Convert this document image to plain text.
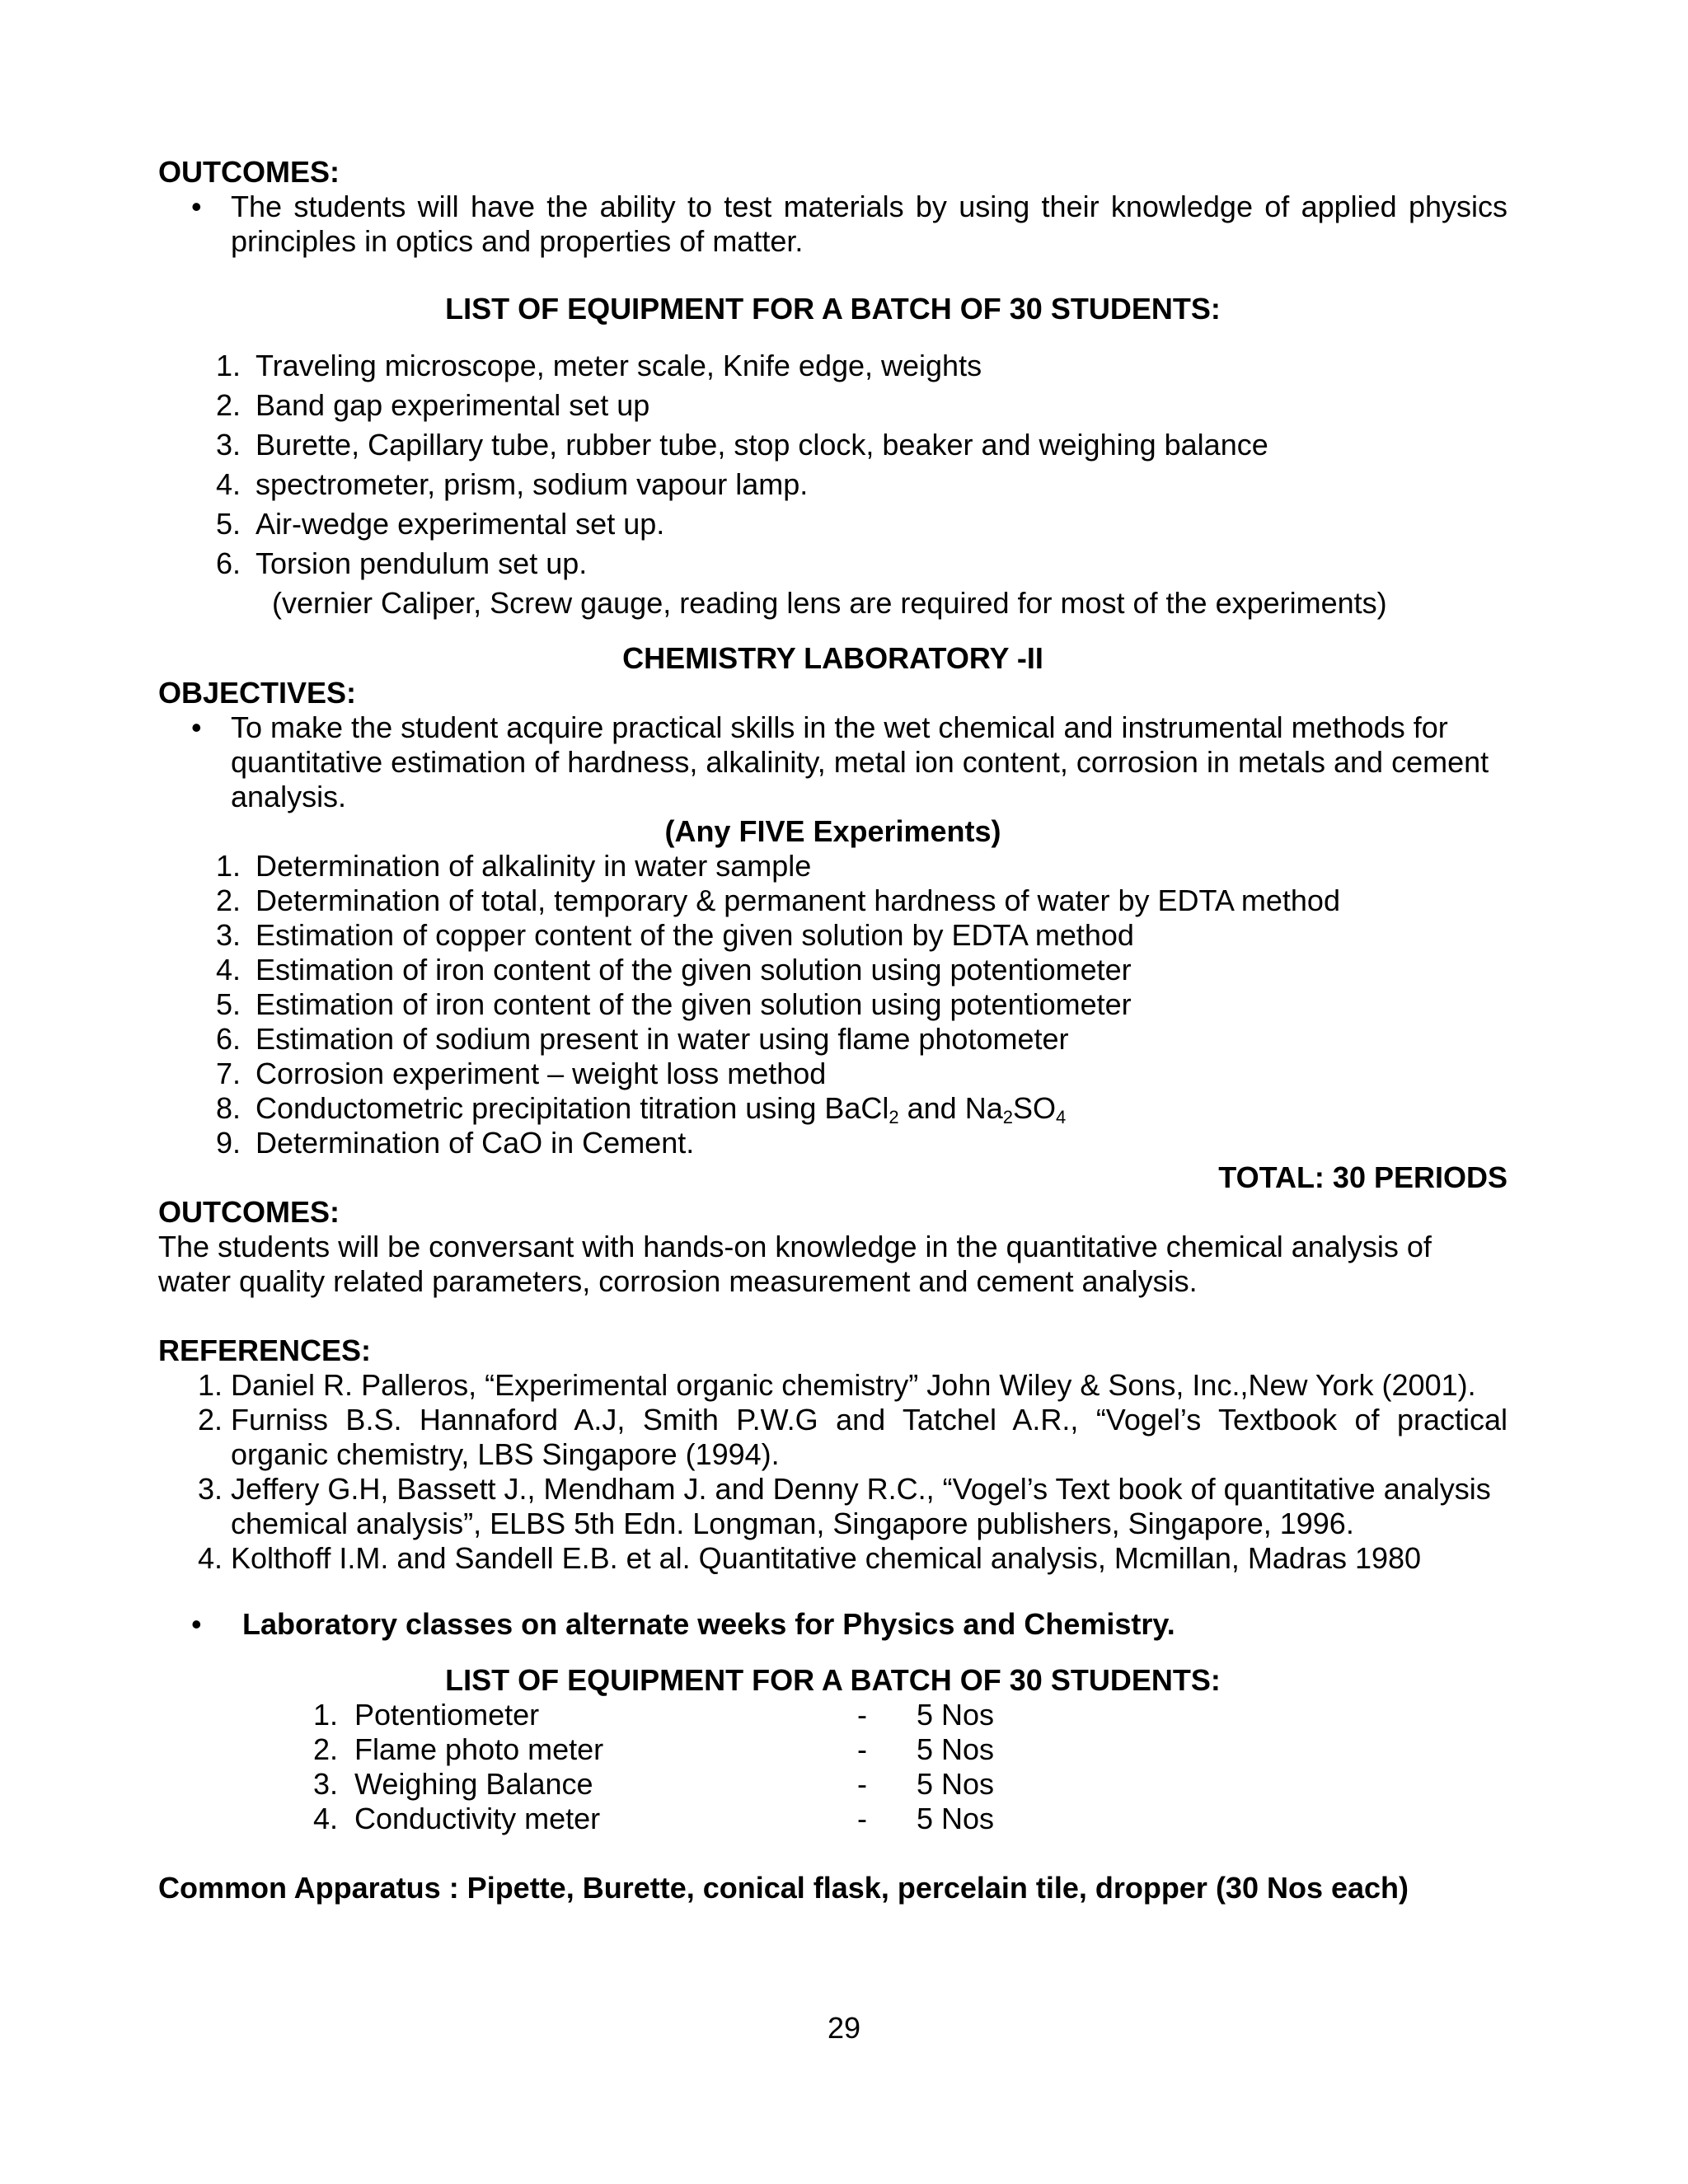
OUTCOMES:

• The students will have the ability to test materials by using their knowledge of applied physics

principles in optics and properties of matter.

LIST OF EQUIPMENT FOR A BATCH OF 30 STUDENTS:

1. Traveling microscope, meter scale, Knife edge, weights
2. Band gap experimental set up
3. Burette, Capillary tube, rubber tube, stop clock, beaker and weighing balance
4. spectrometer, prism, sodium vapour lamp.
5. Air-wedge experimental set up.
6. Torsion pendulum set up.

(vernier Caliper, Screw gauge, reading lens are required for most of the experiments)

CHEMISTRY LABORATORY -II

OBJECTIVES:

• To make the student acquire practical skills in the wet chemical and instrumental methods for

quantitative estimation of hardness, alkalinity, metal ion content, corrosion in metals and cement

analysis.

(Any FIVE Experiments)

1. Determination of alkalinity in water sample
2. Determination of total, temporary & permanent hardness of water by EDTA method
3. Estimation of copper content of the given solution by EDTA method
4. Estimation of iron content of the given solution using potentiometer
5. Estimation of iron content of the given solution using potentiometer
6. Estimation of sodium present in water using flame photometer
7. Corrosion experiment – weight loss method
8. Conductometric precipitation titration using BaCl$_2$ and $Na_2SO_4$
9. Determination of CaO in Cement.

TOTAL: 30 PERIODS

OUTCOMES:

The students will be conversant with hands-on knowledge in the quantitative chemical analysis of

water quality related parameters, corrosion measurement and cement analysis.

REFERENCES:

1. Daniel R. Palleros, “Experimental organic chemistry” John Wiley & Sons, Inc.,New York (2001).

2. Furniss B.S. Hannaford A.J, Smith P.W.G and Tatchel A.R., “Vogel’s Textbook of practical

organic chemistry, LBS Singapore (1994).

3. Jeffery G.H, Bassett J., Mendham J. and Denny R.C., “Vogel’s Text book of quantitative analysis

chemical analysis”, ELBS 5th Edn. Longman, Singapore publishers, Singapore, 1996.

4. Kolthoff I.M. and Sandell E.B. et al. Quantitative chemical analysis, Mcmillan, Madras 1980

• Laboratory classes on alternate weeks for Physics and Chemistry.

LIST OF EQUIPMENT FOR A BATCH OF 30 STUDENTS:

1. Potentiometer	-	5 Nos
2. Flame photo meter	-	5 Nos
3. Weighing Balance	-	5 Nos
4. Conductivity meter	-	5 Nos

Common Apparatus : Pipette, Burette, conical flask, percelain tile, dropper (30 Nos each)

29
